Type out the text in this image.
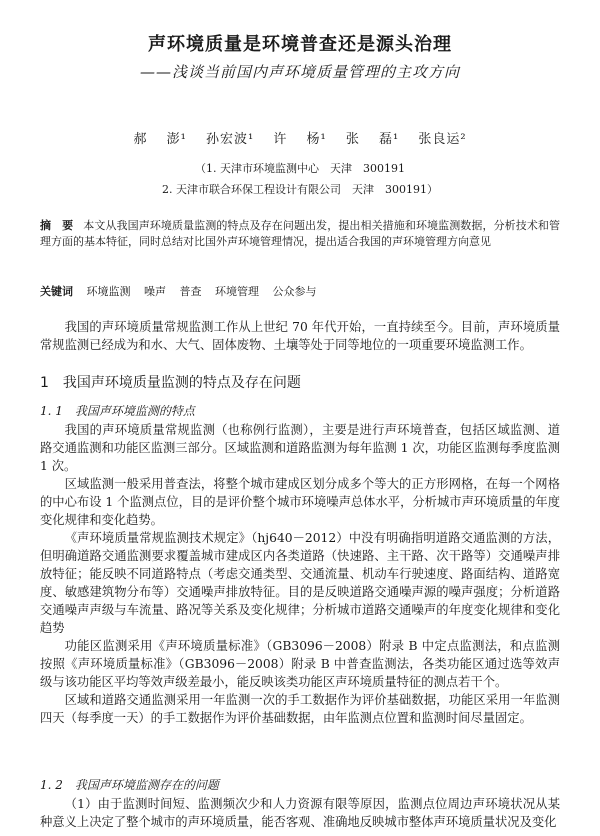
声环境质量是环境普查还是源头治理
——浅谈当前国内声环境质量管理的主攻方向
郝 澎¹ 孙宏波¹ 许 杨¹ 张 磊¹ 张良运²
（1. 天津市环境监测中心　天津　300191
2. 天津市联合环保工程设计有限公司　天津　300191）
摘　要 本文从我国声环境质量监测的特点及存在问题出发，提出相关措施和环境监测数据，分析技术和管理方面的基本特征，同时总结对比国外声环境管理情况，提出适合我国的声环境管理方向意见
关键词 环境监测 噪声 普查 环境管理 公众参与

我国的声环境质量常规监测工作从上世纪 70 年代开始，一直持续至今。目前，声环境质量常规监测已经成为和水、大气、固体废物、土壤等处于同等地位的一项重要环境监测工作。

1　我国声环境质量监测的特点及存在问题
1. 1　我国声环境监测的特点

我国的声环境质量常规监测（也称例行监测），主要是进行声环境普查，包括区域监测、道路交通监测和功能区监测三部分。区域监测和道路监测为每年监测 1 次，功能区监测每季度监测 1 次。

区域监测一般采用普查法，将整个城市建成区划分成多个等大的正方形网格，在每一个网格的中心布设 1 个监测点位，目的是评价整个城市环境噪声总体水平，分析城市声环境质量的年度变化规律和变化趋势。

《声环境质量常规监测技术规定》（hj640－2012）中没有明确指明道路交通监测的方法，但明确道路交通监测要求覆盖城市建成区内各类道路（快速路、主干路、次干路等）交通噪声排放特征；能反映不同道路特点（考虑交通类型、交通流量、机动车行驶速度、路面结构、道路宽度、敏感建筑物分布等）交通噪声排放特征。目的是反映道路交通噪声源的噪声强度；分析道路交通噪声声级与车流量、路况等关系及变化规律；分析城市道路交通噪声的年度变化规律和变化趋势

功能区监测采用《声环境质量标准》（GB3096－2008）附录 B 中定点监测法，和点监测按照《声环境质量标准》（GB3096－2008）附录 B 中普查监测法，各类功能区通过选等效声级与该功能区平均等效声级差最小，能反映该类功能区声环境质量特征的测点若干个。

区域和道路交通监测采用一年监测一次的手工数据作为评价基础数据，功能区采用一年监测四天（每季度一天）的手工数据作为评价基础数据，由年监测点位置和监测时间尽量固定。

1. 2　我国声环境监测存在的问题

（1）由于监测时间短、监测频次少和人力资源有限等原因，监测点位周边声环境状况从某种意义上决定了整个城市的声环境质量，能否客观、准确地反映城市整体声环境质量状况及变化
